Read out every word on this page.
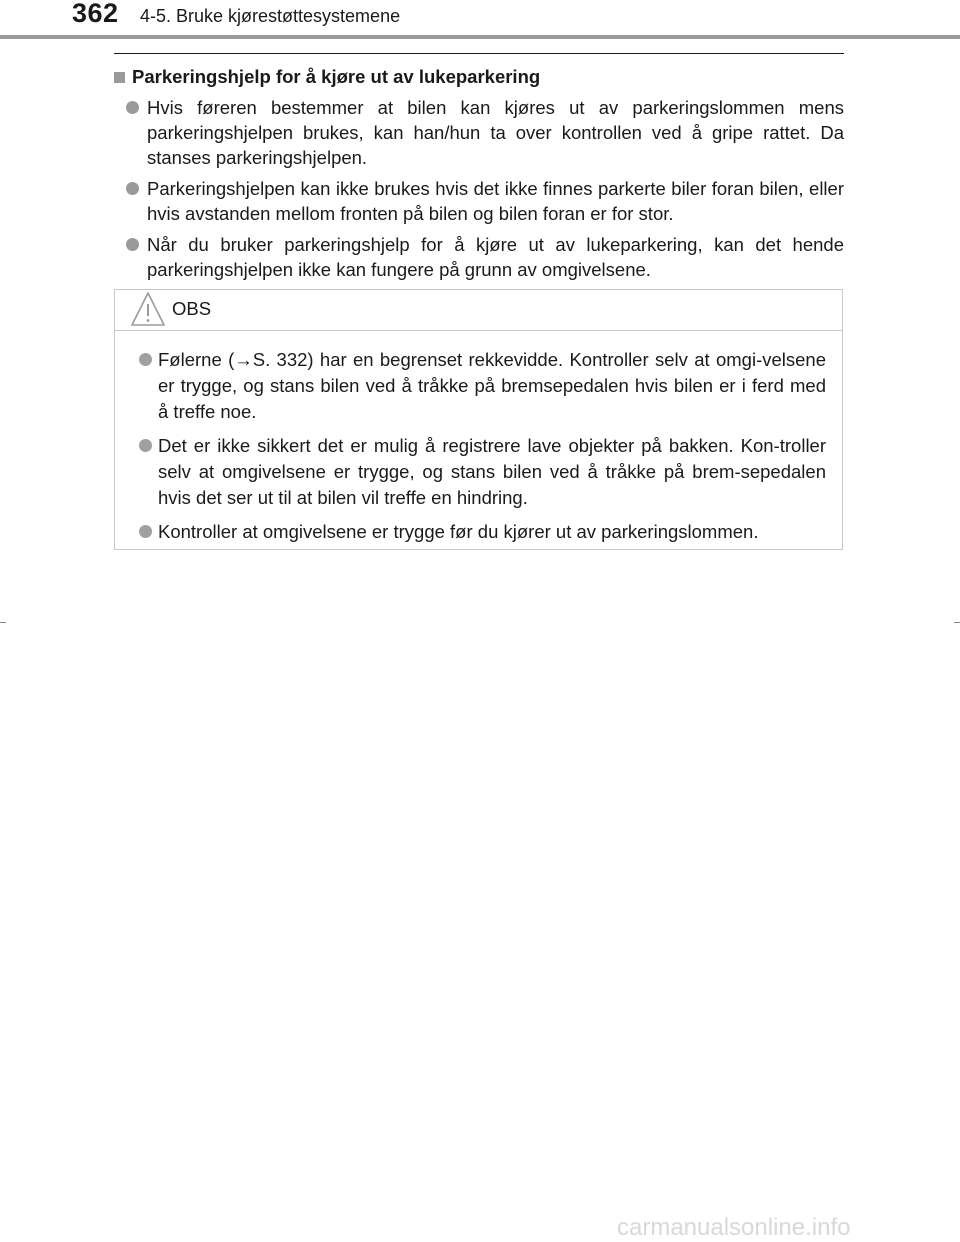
362 4-5. Bruke kjørestøttesystemene
Parkeringshjelp for å kjøre ut av lukeparkering
Hvis føreren bestemmer at bilen kan kjøres ut av parkeringslommen mens parkeringshjelpen brukes, kan han/hun ta over kontrollen ved å gripe rattet. Da stanses parkeringshjelpen.
Parkeringshjelpen kan ikke brukes hvis det ikke finnes parkerte biler foran bilen, eller hvis avstanden mellom fronten på bilen og bilen foran er for stor.
Når du bruker parkeringshjelp for å kjøre ut av lukeparkering, kan det hende parkeringshjelpen ikke kan fungere på grunn av omgivelsene.
OBS
Følerne (→S. 332) har en begrenset rekkevidde. Kontroller selv at omgi-velsene er trygge, og stans bilen ved å tråkke på bremsepedalen hvis bilen er i ferd med å treffe noe.
Det er ikke sikkert det er mulig å registrere lave objekter på bakken. Kon-troller selv at omgivelsene er trygge, og stans bilen ved å tråkke på brem-sepedalen hvis det ser ut til at bilen vil treffe en hindring.
Kontroller at omgivelsene er trygge før du kjører ut av parkeringslommen.
carmanualsonline.info
